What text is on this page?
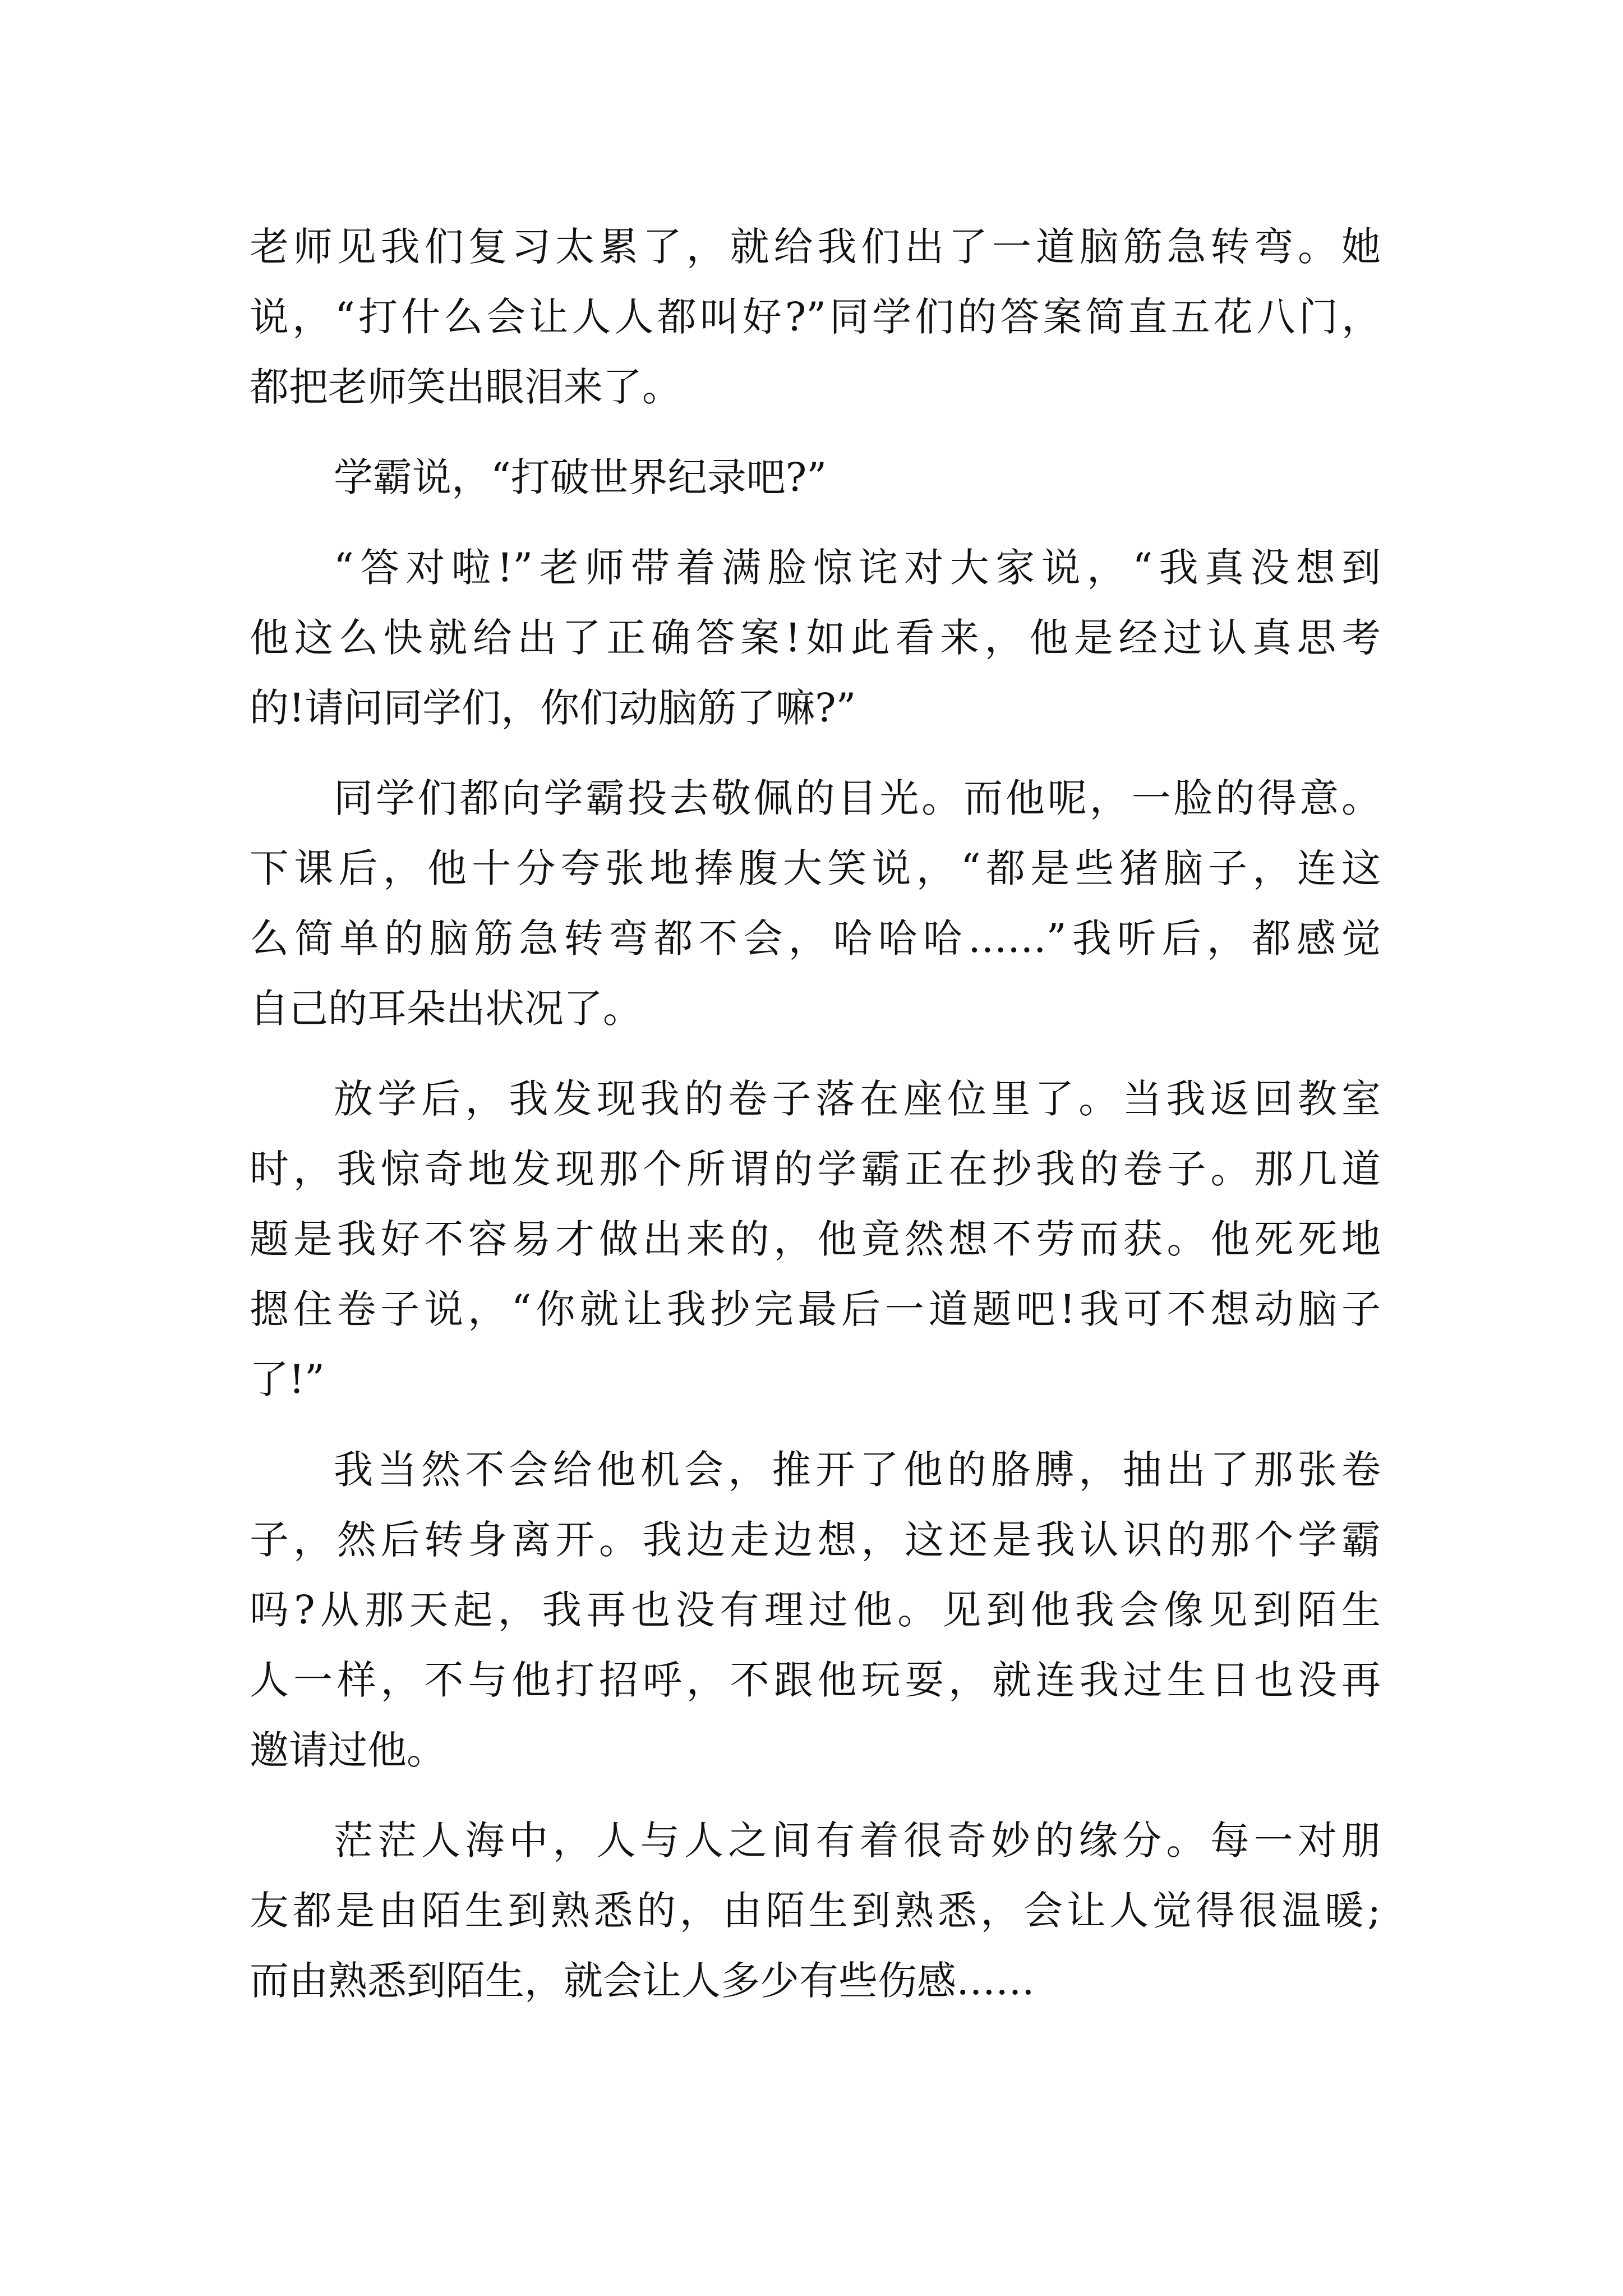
老师见我们复习太累了，就给我们出了一道脑筋急转弯。她
说，“打什么会让人人都叫好?”同学们的答案简直五花八门，
都把老师笑出眼泪来了。
学霸说，“打破世界纪录吧?”
“答对啦!”老师带着满脸惊诧对大家说，“我真没想到
他这么快就给出了正确答案!如此看来，他是经过认真思考
的!请问同学们，你们动脑筋了嘛?”
同学们都向学霸投去敬佩的目光。而他呢，一脸的得意。
下课后，他十分夸张地捧腹大笑说，“都是些猪脑子，连这
么简单的脑筋急转弯都不会，哈哈哈……”我听后，都感觉
自己的耳朵出状况了。
放学后，我发现我的卷子落在座位里了。当我返回教室
时，我惊奇地发现那个所谓的学霸正在抄我的卷子。那几道
题是我好不容易才做出来的，他竟然想不劳而获。他死死地
摁住卷子说，“你就让我抄完最后一道题吧!我可不想动脑子
了!”
我当然不会给他机会，推开了他的胳膊，抽出了那张卷
子，然后转身离开。我边走边想，这还是我认识的那个学霸
吗?从那天起，我再也没有理过他。见到他我会像见到陌生
人一样，不与他打招呼，不跟他玩耍，就连我过生日也没再
邀请过他。
茫茫人海中，人与人之间有着很奇妙的缘分。每一对朋
友都是由陌生到熟悉的，由陌生到熟悉，会让人觉得很温暖;
而由熟悉到陌生，就会让人多少有些伤感……
